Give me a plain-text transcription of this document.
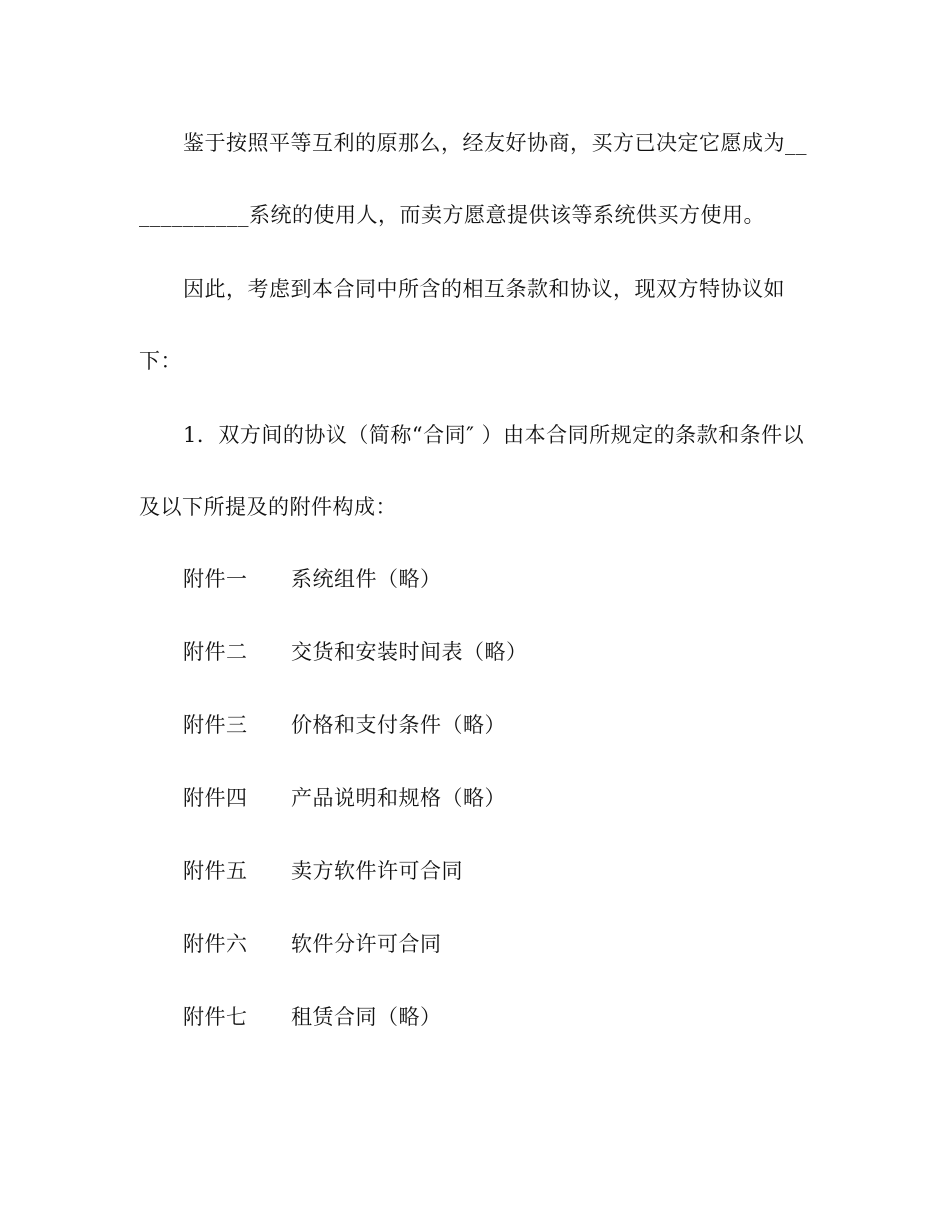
鉴于按照平等互利的原那么，经友好协商，买方已决定它愿成为__
__________系统的使用人，而卖方愿意提供该等系统供买方使用。
因此，考虑到本合同中所含的相互条款和协议，现双方特协议如
下：
1．双方间的协议（简称“合同″ ）由本合同所规定的条款和条件以
及以下所提及的附件构成：
附件一 系统组件（略）
附件二 交货和安装时间表（略）
附件三 价格和支付条件（略）
附件四 产品说明和规格（略）
附件五 卖方软件许可合同
附件六 软件分许可合同
附件七 租赁合同（略）
